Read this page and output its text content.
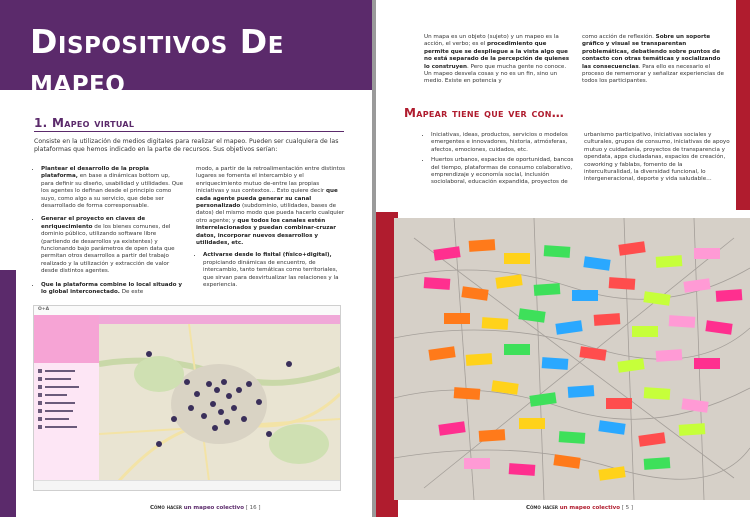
Dispositivos De mapeo
1. Mapeo virtual
Consiste en la utilización de medios digitales para realizar el mapeo. Pueden ser cualquiera de las plataformas que hemos indicado en la parte de recursos. Sus objetivos serían:
• Plantear el desarrollo de la propia plataforma, en base a dinámicas bottom up, para definir su diseño, usabilidad y utilidades. Que los agentes lo definan desde el principio como suyo, como algo a su servicio, que debe ser desarrollado de forma corresponsable.
• Generar el proyecto en claves de enriquecimiento de los bienes comunes, del dominio público, utilizando software libre (partiendo de desarrollos ya existentes) y funcionando bajo parámetros de open data que permitan otros desarrollos a partir del trabajo realizado y la utilización y extracción de valor desde distintos agentes.
• Que la plataforma combine lo local situado y lo global interconectado. De este

modo, a partir de la retroalimentación entre distintos lugares se fomenta el intercambio y el enriquecimiento mutuo de-entre las propias iniciativas y sus contextos… Esto quiere decir que cada agente pueda generar su canal personalizado (subdominio, utilidades, bases de datos) del mismo modo que pueda hacerlo cualquier otro agente; y que todos los canales estén interrelacionados y puedan combinar-cruzar datos, incorporar nuevos desarrollos y utilidades, etc.

• Activarse desde lo fisital (físico+digital), propiciando dinámicas de encuentro, de intercambio, tanto temáticas como territoriales, que sirvan para desvirtualizar las relaciones y la experiencia.
O+A
Cómo hacer un mapeo colectivo [ 16 ]

Un mapa es un objeto (sujeto) y un mapeo es la acción, el verbo; es el procedimiento que permite que se despliegue a la vista algo que no está separado de la percepción de quienes lo construyen. Pero que mucha gente no conoce. Un mapeo desvela cosas y no es un fin, sino un medio. Existe en potencia y

como acción de reflexión. Sobre un soporte gráfico y visual se transparentan problemáticas, debatiendo sobre puntos de contacto con otras temáticas y socializando las consecuencias. Para ello es necesario el proceso de rememorar y señalizar experiencias de todos los participantes.

Mapear tiene que ver con…
• Iniciativas, ideas, productos, servicios o modelos emergentes e innovadores, historia, atmósferas, afectos, emociones, cuidados, etc.
• Huertos urbanos, espacios de oportunidad, bancos del tiempo, plataformas de consumo colaborativo, emprendizaje y economía social, inclusión sociolaboral, educación expandida, proyectos de

urbanismo participativo, iniciativas sociales y culturales, grupos de consumo, iniciativas de apoyo mutuo y cuidadanía, proyectos de transparencia y opendata, apps ciudadanas, espacios de creación, coworking y fablabs, fomento de la interculturalidad, la diversidad funcional, lo intergeneracional, deporte y vida saludable…

Cómo hacer un mapeo colectivo [ 5 ]
